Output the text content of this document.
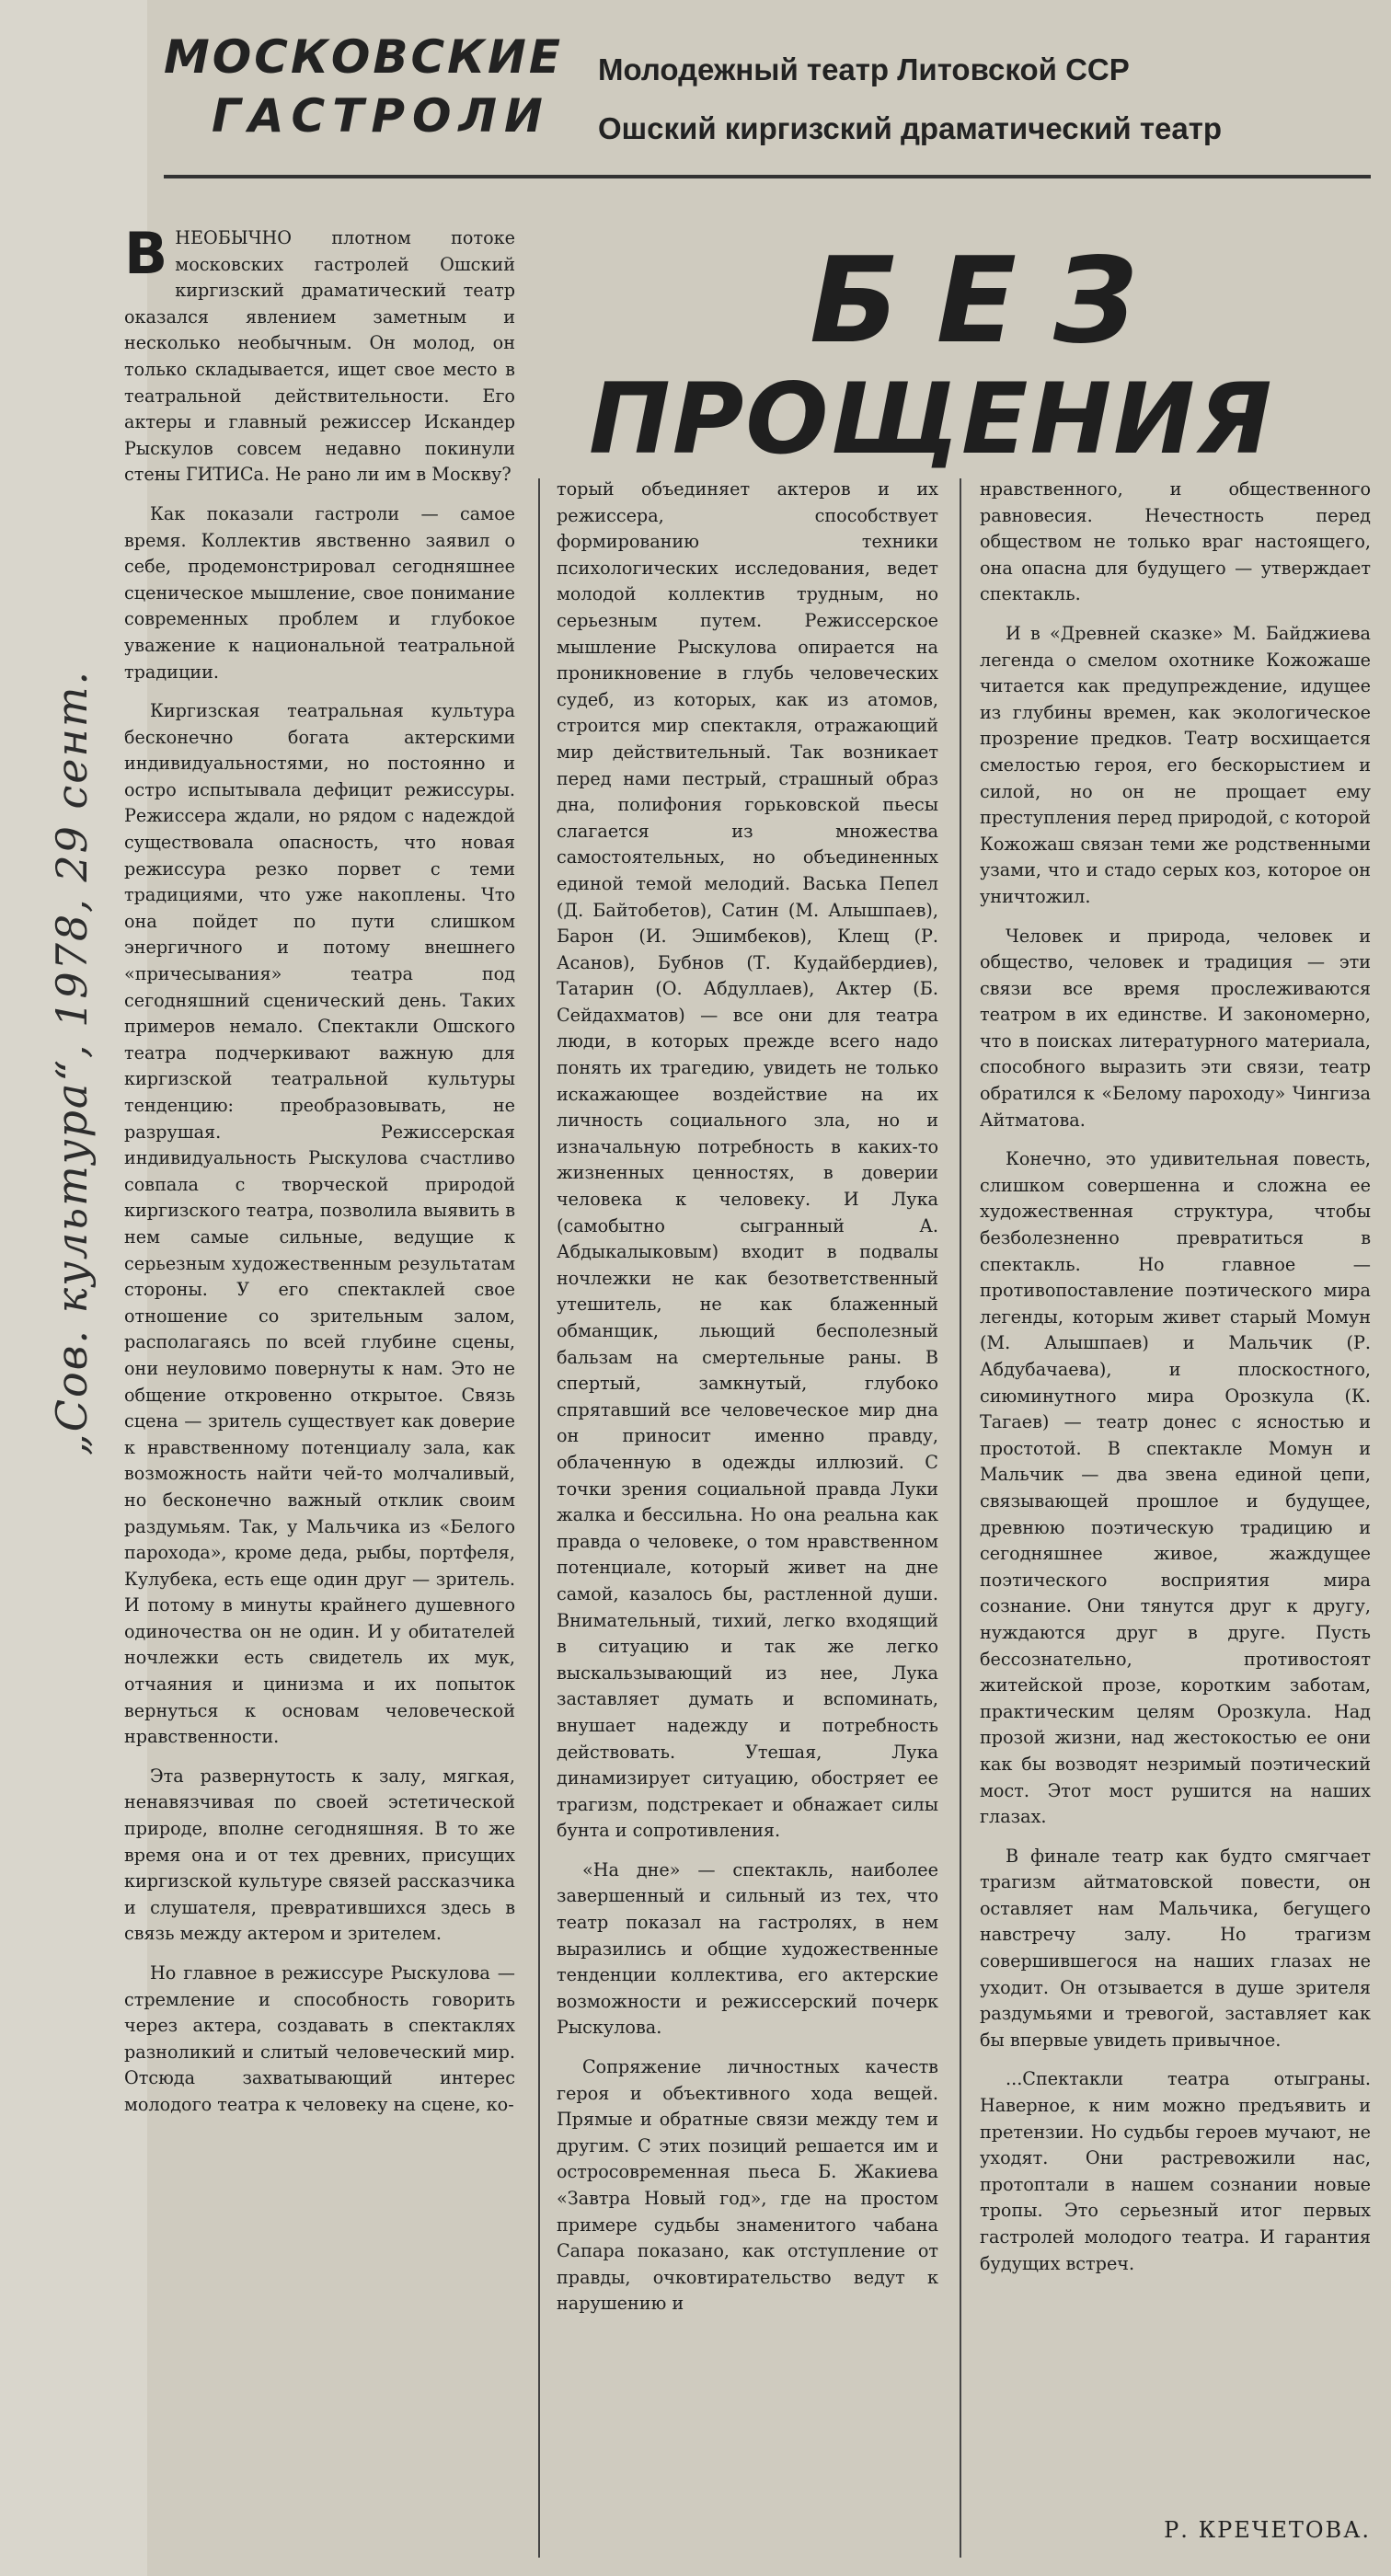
„Сов. культура“, 1978, 29 сент.
МОСКОВСКИЕ
ГАСТРОЛИ
Молодежный театр Литовской ССР
Ошский киргизский драматический театр
БЕЗ
ПРОЩЕНИЯ

ВНЕОБЫЧНО плотном потоке московских гастролей Ошский киргизский драматический театр оказался явлением заметным и несколько необычным. Он молод, он только складывается, ищет свое место в театральной действительности. Его актеры и главный режиссер Искандер Рыскулов совсем недавно покинули стены ГИТИСа. Не рано ли им в Москву?

Как показали гастроли — самое время. Коллектив явственно заявил о себе, продемонстрировал сегодняшнее сценическое мышление, свое понимание современных проблем и глубокое уважение к национальной театральной традиции.

Киргизская театральная культура бесконечно богата актерскими индивидуальностями, но постоянно и остро испытывала дефицит режиссуры. Режиссера ждали, но рядом с надеждой существовала опасность, что новая режиссура резко порвет с теми традициями, что уже накоплены. Что она пойдет по пути слишком энергичного и потому внешнего «причесывания» театра под сегодняшний сценический день. Таких примеров немало. Спектакли Ошского театра подчеркивают важную для киргизской театральной культуры тенденцию: преобразовывать, не разрушая. Режиссерская индивидуальность Рыскулова счастливо совпала с творческой природой киргизского театра, позволила выявить в нем самые сильные, ведущие к серьезным художественным результатам стороны. У его спектаклей свое отношение со зрительным залом, располагаясь по всей глубине сцены, они неуловимо повернуты к нам. Это не общение откровенно открытое. Связь сцена — зритель существует как доверие к нравственному потенциалу зала, как возможность найти чей-то молчаливый, но бесконечно важный отклик своим раздумьям. Так, у Мальчика из «Белого парохода», кроме деда, рыбы, портфеля, Кулубека, есть еще один друг — зритель. И потому в минуты крайнего душевного одиночества он не один. И у обитателей ночлежки есть свидетель их мук, отчаяния и цинизма и их попыток вернуться к основам человеческой нравственности.

Эта развернутость к залу, мягкая, ненавязчивая по своей эстетической природе, вполне сегодняшняя. В то же время она и от тех древних, присущих киргизской культуре связей рассказчика и слушателя, превратившихся здесь в связь между актером и зрителем.

Но главное в режиссуре Рыскулова — стремление и способность говорить через актера, создавать в спектаклях разноликий и слитый человеческий мир. Отсюда захватывающий интерес молодого театра к человеку на сцене, ко-

торый объединяет актеров и их режиссера, способствует формированию техники психологических исследования, ведет молодой коллектив трудным, но серьезным путем. Режиссерское мышление Рыскулова опирается на проникновение в глубь человеческих судеб, из которых, как из атомов, строится мир спектакля, отражающий мир действительный. Так возникает перед нами пестрый, страшный образ дна, полифония горьковской пьесы слагается из множества самостоятельных, но объединенных единой темой мелодий. Васька Пепел (Д. Байтобетов), Сатин (М. Алышпаев), Барон (И. Эшимбеков), Клещ (Р. Асанов), Бубнов (Т. Кудайбердиев), Татарин (О. Абдуллаев), Актер (Б. Сейдахматов) — все они для театра люди, в которых прежде всего надо понять их трагедию, увидеть не только искажающее воздействие на их личность социального зла, но и изначальную потребность в каких-то жизненных ценностях, в доверии человека к человеку. И Лука (самобытно сыгранный А. Абдыкалыковым) входит в подвалы ночлежки не как безответственный утешитель, не как блаженный обманщик, льющий бесполезный бальзам на смертельные раны. В спертый, замкнутый, глубоко спрятавший все человеческое мир дна он приносит именно правду, облаченную в одежды иллюзий. С точки зрения социальной правда Луки жалка и бессильна. Но она реальна как правда о человеке, о том нравственном потенциале, который живет на дне самой, казалось бы, растленной души. Внимательный, тихий, легко входящий в ситуацию и так же легко выскальзывающий из нее, Лука заставляет думать и вспоминать, внушает надежду и потребность действовать. Утешая, Лука динамизирует ситуацию, обостряет ее трагизм, подстрекает и обнажает силы бунта и сопротивления.

«На дне» — спектакль, наиболее завершенный и сильный из тех, что театр показал на гастролях, в нем выразились и общие художественные тенденции коллектива, его актерские возможности и режиссерский почерк Рыскулова.

Сопряжение личностных качеств героя и объективного хода вещей. Прямые и обратные связи между тем и другим. С этих позиций решается им и остросовременная пьеса Б. Жакиева «Завтра Новый год», где на простом примере судьбы знаменитого чабана Сапара показано, как отступление от правды, очковтирательство ведут к нарушению и

нравственного, и общественного равновесия. Нечестность перед обществом не только враг настоящего, она опасна для будущего — утверждает спектакль.

И в «Древней сказке» М. Байджиева легенда о смелом охотнике Кожожаше читается как предупреждение, идущее из глубины времен, как экологическое прозрение предков. Театр восхищается смелостью героя, его бескорыстием и силой, но он не прощает ему преступления перед природой, с которой Кожожаш связан теми же родственными узами, что и стадо серых коз, которое он уничтожил.

Человек и природа, человек и общество, человек и традиция — эти связи все время прослеживаются театром в их единстве. И закономерно, что в поисках литературного материала, способного выразить эти связи, театр обратился к «Белому пароходу» Чингиза Айтматова.

Конечно, это удивительная повесть, слишком совершенна и сложна ее художественная структура, чтобы безболезненно превратиться в спектакль. Но главное — противопоставление поэтического мира легенды, которым живет старый Момун (М. Алышпаев) и Мальчик (Р. Абдубачаева), и плоскостного, сиюминутного мира Орозкула (К. Тагаев) — театр донес с ясностью и простотой. В спектакле Момун и Мальчик — два звена единой цепи, связывающей прошлое и будущее, древнюю поэтическую традицию и сегодняшнее живое, жаждущее поэтического восприятия мира сознание. Они тянутся друг к другу, нуждаются друг в друге. Пусть бессознательно, противостоят житейской прозе, коротким заботам, практическим целям Орозкула. Над прозой жизни, над жестокостью ее они как бы возводят незримый поэтический мост. Этот мост рушится на наших глазах.

В финале театр как будто смягчает трагизм айтматовской повести, он оставляет нам Мальчика, бегущего навстречу залу. Но трагизм совершившегося на наших глазах не уходит. Он отзывается в душе зрителя раздумьями и тревогой, заставляет как бы впервые увидеть привычное.

...Спектакли театра отыграны. Наверное, к ним можно предъявить и претензии. Но судьбы героев мучают, не уходят. Они растревожили нас, протоптали в нашем сознании новые тропы. Это серьезный итог первых гастролей молодого театра. И гарантия будущих встреч.

Р. КРЕЧЕТОВА.
